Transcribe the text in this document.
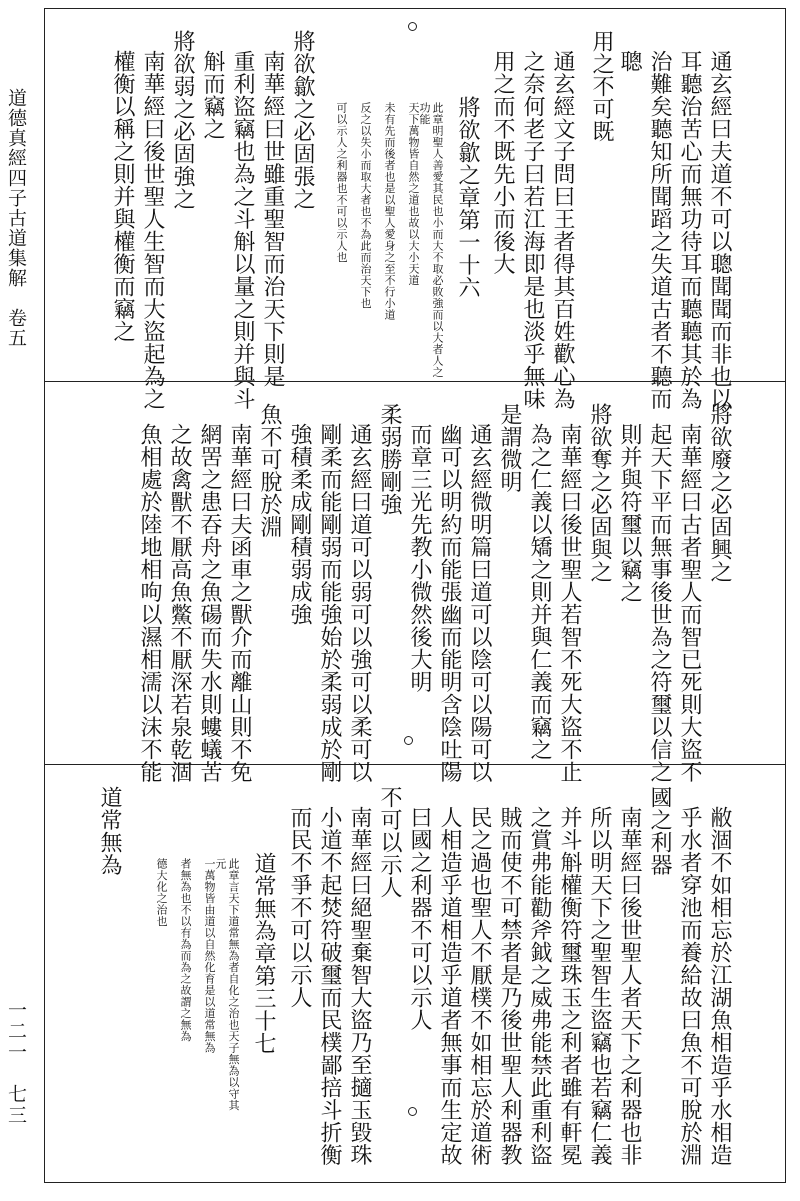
道德真經四子古道集解　卷五
一二一　七三
通玄經曰夫道不可以聰聞聞而非也以
耳聽治苦心而無功待耳而聽聽其於為
治難矣聽知所聞蹈之失道古者不聽而
聰
用之不可既
通玄經文子問曰王者得其百姓歡心為
之奈何老子曰若江海即是也淡乎無味
用之而不既先小而後大
將欲歙之章第一十六
此章明聖人善愛其民也小而大不取必敗強而以大者人之功能
天下萬物皆自然之道也故以大小天道
未有先而後者也是以聖人愛身之至不行小道
反之以失小而取大者也不為此而治天下也
可以示人之利器也不可以示人也
將欲歙之必固張之
南華經曰世雖重聖智而治天下則是
重利盜竊也為之斗斛以量之則并與斗
斛而竊之
將欲弱之必固強之
南華經曰後世聖人生智而大盜起為之
權衡以稱之則并與權衡而竊之
將欲廢之必固興之
南華經曰古者聖人而智已死則大盜不
起天下平而無事後世為之符璽以信之
則并與符璽以竊之
將欲奪之必固與之
南華經曰後世聖人若智不死大盜不止
為之仁義以矯之則并與仁義而竊之
是謂微明
通玄經微明篇曰道可以陰可以陽可以
幽可以明約而能張幽而能明含陰吐陽
而章三光先教小微然後大明
柔弱勝剛強
通玄經曰道可以弱可以強可以柔可以
剛柔而能剛弱而能強始於柔弱成於剛
強積柔成剛積弱成強
魚不可脫於淵
南華經曰夫函車之獸介而離山則不免
網罟之患吞舟之魚碭而失水則螻蟻苦
之故禽獸不厭高魚鱉不厭深若泉乾涸
魚相處於陸地相呴以濕相濡以沫不能
敝涸不如相忘於江湖魚相造乎水相造
乎水者穿池而養給故曰魚不可脫於淵
國之利器
南華經曰後世聖人者天下之利器也非
所以明天下之聖智生盜竊也若竊仁義
并斗斛權衡符璽珠玉之利者雖有軒冕
之賞弗能勸斧鉞之威弗能禁此重利盜
賊而使不可禁者是乃後世聖人利器教
民之過也聖人不厭樸不如相忘於道術
人相造乎道相造乎道者無事而生定故
曰國之利器不可以示人
不可以示人
南華經曰絕聖棄智大盜乃至擿玉毀珠
小道不起焚符破璽而民樸鄙掊斗折衡
而民不爭不可以示人
道常無為章第三十七
此章言天下道常無為者自化之治也天子無為以守其元
一萬物皆由道以自然化育是以道常無為
者無為也不以有為而為之故謂之無為
德大化之治也
道常無為
